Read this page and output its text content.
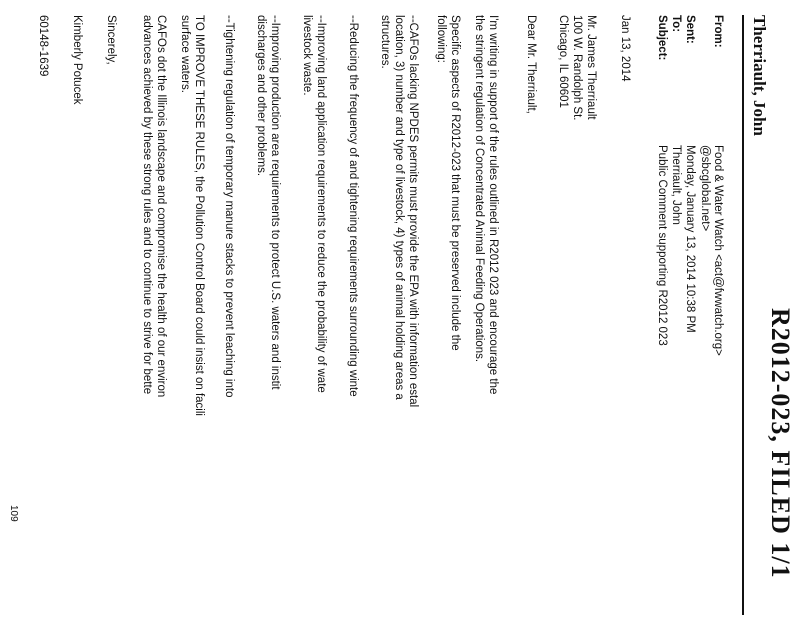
R2012-023, FILED 1/1
Therriault, John
From:
Food & Water Watch <act@fwwatch.org>
@sbcglobal.net>
Sent:
Monday, January 13, 2014 10:38 PM
To:
Therriault, John
Subject:
Public Comment supporting R2012 023
Jan 13, 2014
Mr. James Therriault
100 W. Randolph St.
Chicago, IL 60601
Dear Mr. Therriault,
I'm writing in support of the rules outlined in R2012 023 and encourage the
the stringent regulation of Concentrated Animal Feeding Operations.
Specific aspects of R2012-023 that must be preserved include the
following:
--CAFOs lacking NPDES permits must provide the EPA with information estal
location, 3) number and type of livestock, 4) types of animal holding areas a
structures.
--Reducing the frequency of and tightening requirements surrounding winte
--Improving land application requirements to reduce the probability of wate
livestock waste.
--Improving production area requirements to protect U.S. waters and instit
discharges and other problems.
--Tightening regulation of temporary manure stacks to prevent leaching into
TO IMPROVE THESE RULES, the Pollution Control Board could insist on facili
surface waters.
CAFOs dot the Illinois landscape and compromise the health of our environ
advances achieved by these strong rules and to continue to strive for bette
Sincerely,
Kimberly Potucek
60148-1639
109
